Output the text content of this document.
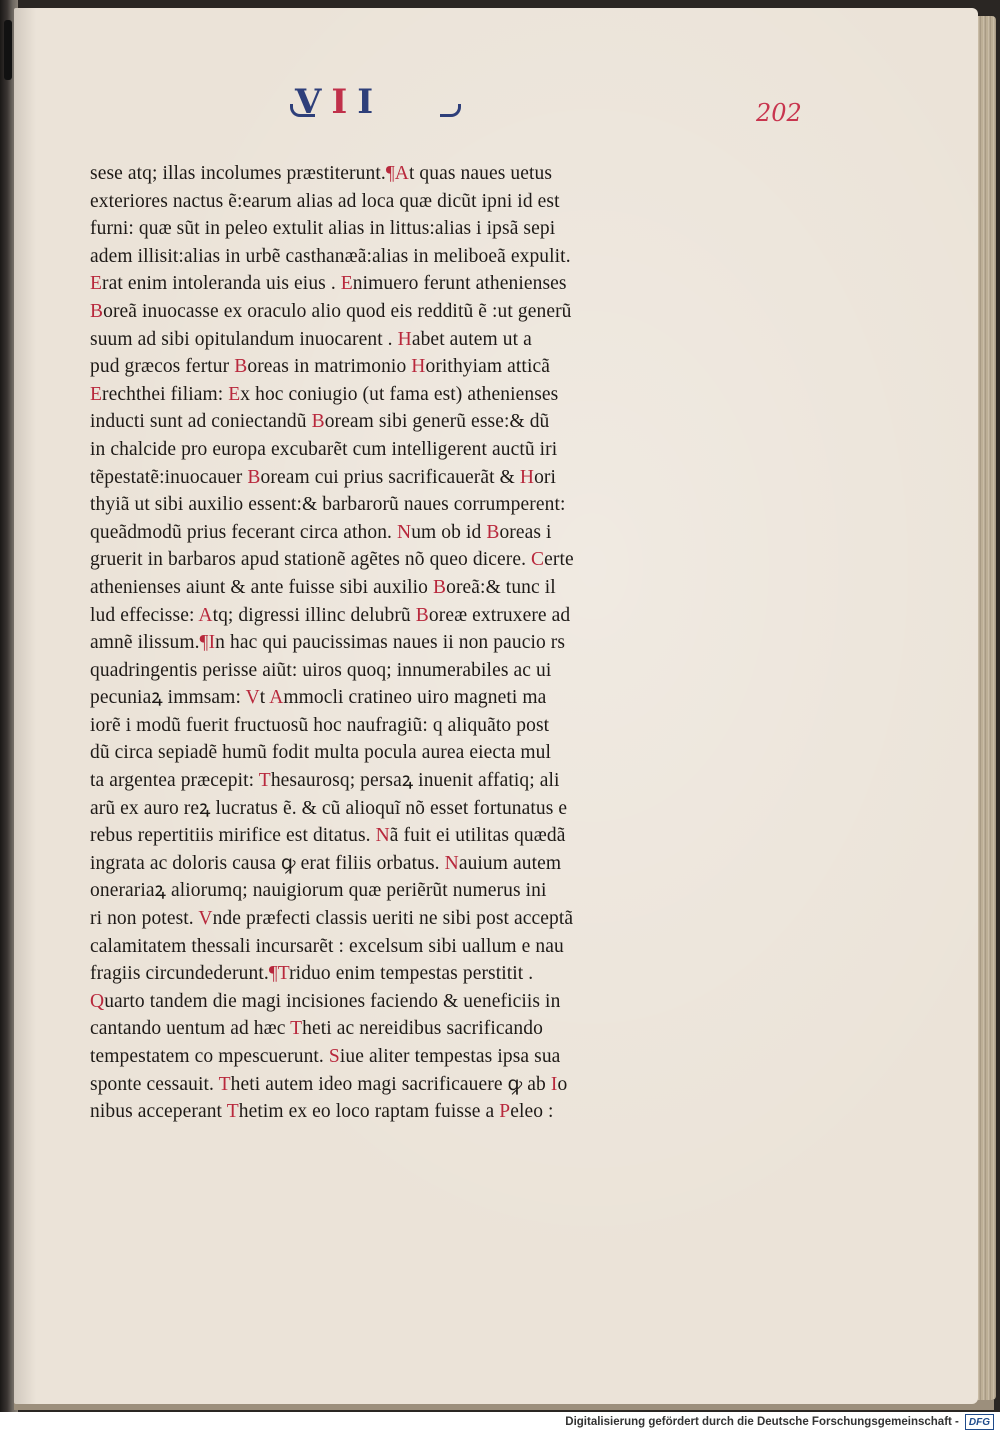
V I I	202
sese atq; illas incolumes præstiterunt.¶At quas naues uetus
exteriores nactus ẽ:earum alias ad loca quæ dicũt ipni id est
furni: quæ sũt in peleo extulit alias in littus:alias i ipsã sepi
adem illisit:alias in urbẽ casthanæã:alias in meliboeã expulit.
Erat enim intoleranda uis eius . Enimuero ferunt athenienses
Boreã inuocasse ex oraculo alio quod eis redditũ ẽ :ut generũ
suum ad sibi opitulandum inuocarent . Habet autem ut a
pud græcos fertur Boreas in matrimonio Horithyiam atticã
Erechthei filiam: Ex hoc coniugio (ut fama est) athenienses
inducti sunt ad coniectandũ Boream sibi generũ esse:& dũ
in chalcide pro europa excubarẽt cum intelligerent auctũ iri
tẽpestatẽ:inuocauer Boream cui prius sacrificauerãt & Hori
thyiã ut sibi auxilio essent:& barbarorũ naues corrumperent:
queãdmodũ prius fecerant circa athon. Num ob id Boreas i
gruerit in barbaros apud stationẽ agẽtes nõ queo dicere. Certe
athenienses aiunt & ante fuisse sibi auxilio Boreã:& tunc il
lud effecisse: Atq; digressi illinc delubrũ Boreæ extruxere ad
amnẽ ilissum.¶In hac qui paucissimas naues ii non paucio rs
quadringentis perisse aiũt: uiros quoq; innumerabiles ac ui
pecuniaꝝ immsam: Vt Ammocli cratineo uiro magneti ma
iorẽ i modũ fuerit fructuosũ hoc naufragiũ: q aliquãto post
dũ circa sepiadẽ humũ fodit multa pocula aurea eiecta mul
ta argentea præcepit: Thesaurosq; persaꝝ inuenit affatiq; ali
arũ ex auro reꝝ lucratus ẽ. & cũ alioquĩ nõ esset fortunatus e
rebus repertitiis mirifice est ditatus. Nã fuit ei utilitas quædã
ingrata ac doloris causa ꝙ erat filiis orbatus. Nauium autem
onerariaꝝ aliorumq; nauigiorum quæ periẽrũt numerus ini
ri non potest. Vnde præfecti classis ueriti ne sibi post acceptã
calamitatem thessali incursarẽt : excelsum sibi uallum e nau
fragiis circundederunt.¶Triduo enim tempestas perstitit .
Quarto tandem die magi incisiones faciendo & ueneficiis in
cantando uentum ad hæc Theti ac nereidibus sacrificando
tempestatem co mpescuerunt. Siue aliter tempestas ipsa sua
sponte cessauit. Theti autem ideo magi sacrificauere ꝙ ab Io
nibus acceperant Thetim ex eo loco raptam fuisse a Peleo :
Digitalisierung gefördert durch die Deutsche Forschungsgemeinschaft -	DFG
